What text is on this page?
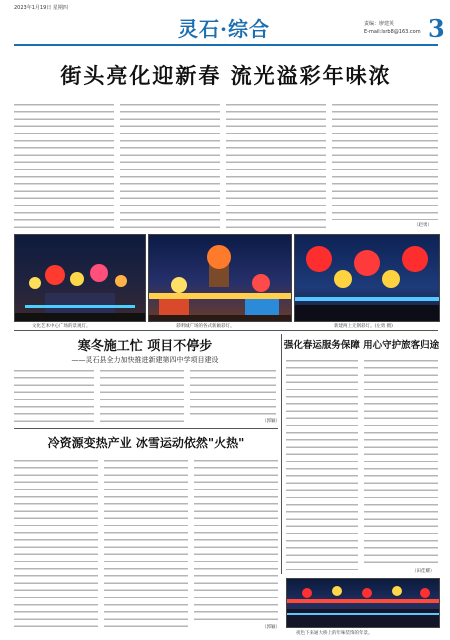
2023年1月19日 星期四
灵石·综合	责编：廖建英
E-mail:lsrb8@163.com 3
街头亮化迎新春 流光溢彩年味浓
（赵勇）
文化艺术中心广场的景观灯。	彩明城广场的各式新颖彩灯。	新建两上无钢彩灯。(左勇 摄)
寒冬施工忙 项目不停步
——灵石县全力加快推进新建第四中学项目建设
（郭颖）
强化春运服务保障 用心守护旅客归途
（田佳耀）
冷资源变热产业 冰雪运动依然"火热"
（郭颖）
夜色下来通大桥上的年味装饰的年景。
